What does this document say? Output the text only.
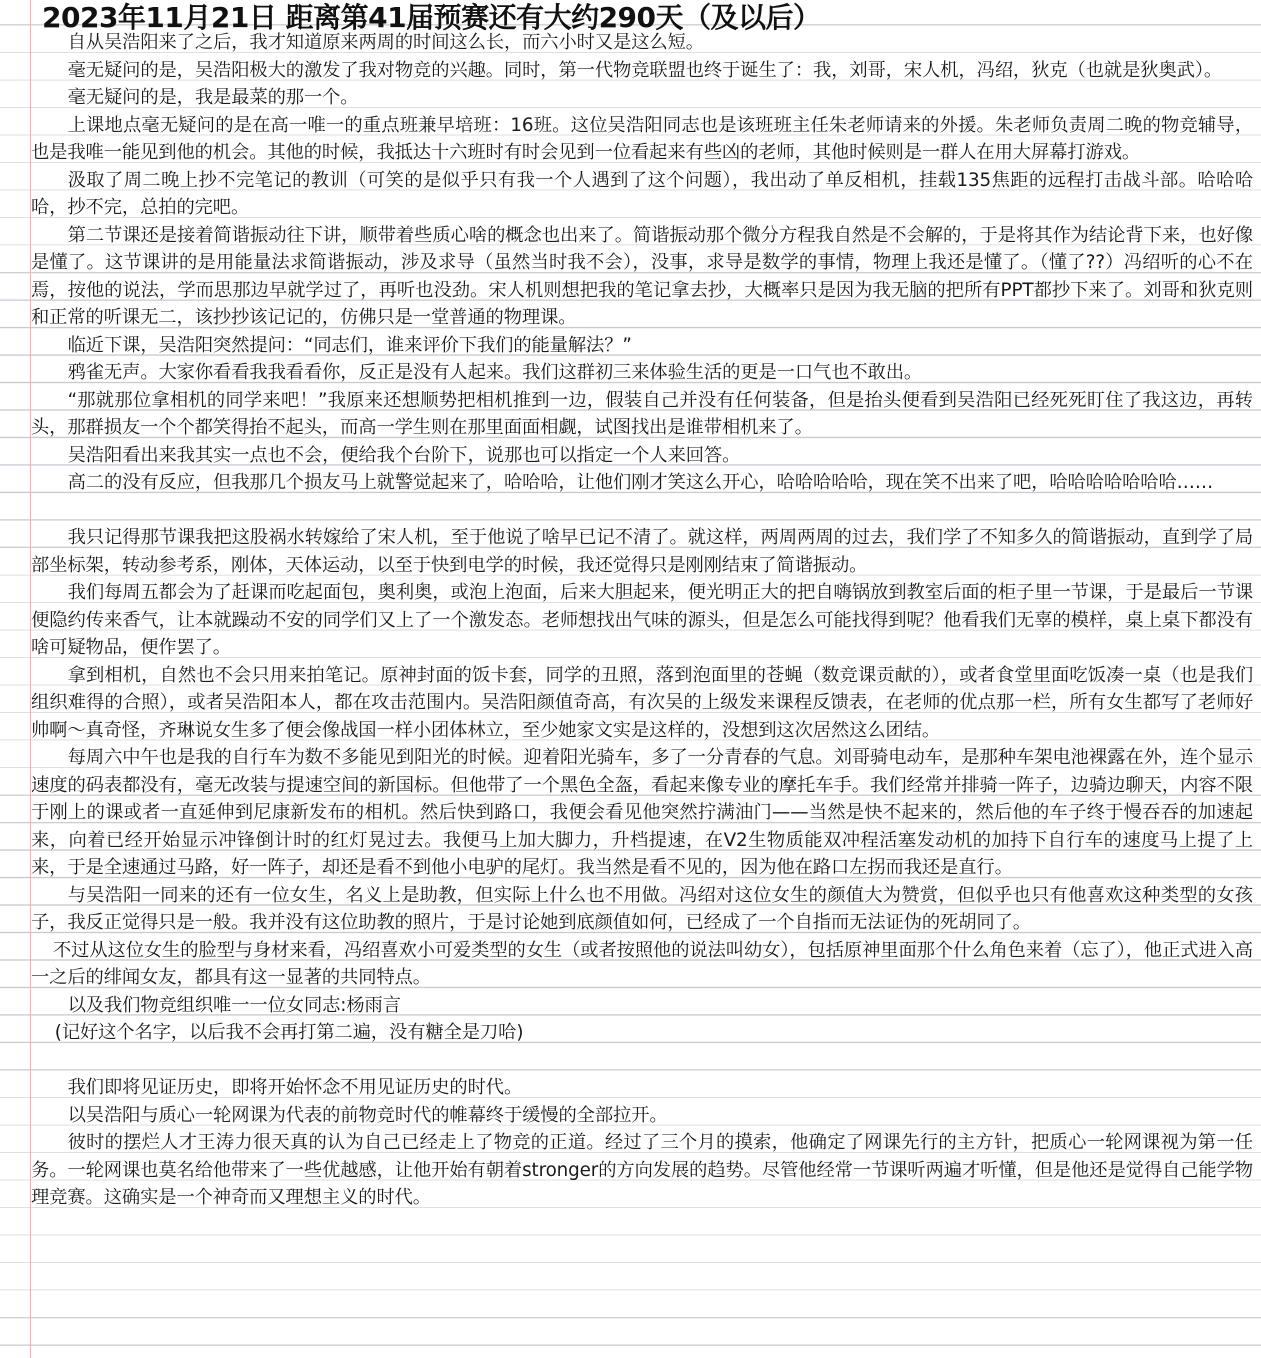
2023年11月21日 距离第41届预赛还有大约290天（及以后）

自从吴浩阳来了之后，我才知道原来两周的时间这么长，而六小时又是这么短。

毫无疑问的是，吴浩阳极大的激发了我对物竞的兴趣。同时，第一代物竞联盟也终于诞生了：我，刘哥，宋人机，冯绍，狄克（也就是狄奥武）。

毫无疑问的是，我是最菜的那一个。

上课地点毫无疑问的是在高一唯一的重点班兼早培班：16班。这位吴浩阳同志也是该班班主任朱老师请来的外援。朱老师负责周二晚的物竞辅导，也是我唯一能见到他的机会。其他的时候，我抵达十六班时有时会见到一位看起来有些凶的老师，其他时候则是一群人在用大屏幕打游戏。

汲取了周二晚上抄不完笔记的教训（可笑的是似乎只有我一个人遇到了这个问题），我出动了单反相机，挂载135焦距的远程打击战斗部。哈哈哈哈，抄不完，总拍的完吧。

第二节课还是接着简谐振动往下讲，顺带着些质心啥的概念也出来了。简谐振动那个微分方程我自然是不会解的，于是将其作为结论背下来，也好像是懂了。这节课讲的是用能量法求简谐振动，涉及求导（虽然当时我不会），没事，求导是数学的事情，物理上我还是懂了。（懂了??）冯绍听的心不在焉，按他的说法，学而思那边早就学过了，再听也没劲。宋人机则想把我的笔记拿去抄，大概率只是因为我无脑的把所有PPT都抄下来了。刘哥和狄克则和正常的听课无二，该抄抄该记记的，仿佛只是一堂普通的物理课。

临近下课，吴浩阳突然提问：“同志们，谁来评价下我们的能量解法？”

鸦雀无声。大家你看看我我看看你，反正是没有人起来。我们这群初三来体验生活的更是一口气也不敢出。

“那就那位拿相机的同学来吧！”我原来还想顺势把相机推到一边，假装自己并没有任何装备，但是抬头便看到吴浩阳已经死死盯住了我这边，再转头，那群损友一个个都笑得抬不起头，而高一学生则在那里面面相觑，试图找出是谁带相机来了。

吴浩阳看出来我其实一点也不会，便给我个台阶下，说那也可以指定一个人来回答。

高二的没有反应，但我那几个损友马上就警觉起来了，哈哈哈，让他们刚才笑这么开心，哈哈哈哈哈，现在笑不出来了吧，哈哈哈哈哈哈哈……

我只记得那节课我把这股祸水转嫁给了宋人机，至于他说了啥早已记不清了。就这样，两周两周的过去，我们学了不知多久的简谐振动，直到学了局部坐标架，转动参考系，刚体，天体运动，以至于快到电学的时候，我还觉得只是刚刚结束了简谐振动。

我们每周五都会为了赶课而吃起面包，奥利奥，或泡上泡面，后来大胆起来，便光明正大的把自嗨锅放到教室后面的柜子里一节课，于是最后一节课便隐约传来香气，让本就躁动不安的同学们又上了一个激发态。老师想找出气味的源头，但是怎么可能找得到呢？他看我们无辜的模样，桌上桌下都没有啥可疑物品，便作罢了。

拿到相机，自然也不会只用来拍笔记。原神封面的饭卡套，同学的丑照，落到泡面里的苍蝇（数竞课贡献的），或者食堂里面吃饭凑一桌（也是我们组织难得的合照），或者吴浩阳本人，都在攻击范围内。吴浩阳颜值奇高，有次吴的上级发来课程反馈表，在老师的优点那一栏，所有女生都写了老师好帅啊～真奇怪，齐琳说女生多了便会像战国一样小团体林立，至少她家文实是这样的，没想到这次居然这么团结。

每周六中午也是我的自行车为数不多能见到阳光的时候。迎着阳光骑车，多了一分青春的气息。刘哥骑电动车，是那种车架电池裸露在外，连个显示速度的码表都没有，毫无改装与提速空间的新国标。但他带了一个黑色全盔，看起来像专业的摩托车手。我们经常并排骑一阵子，边骑边聊天，内容不限于刚上的课或者一直延伸到尼康新发布的相机。然后快到路口，我便会看见他突然拧满油门——当然是快不起来的，然后他的车子终于慢吞吞的加速起来，向着已经开始显示冲锋倒计时的红灯晃过去。我便马上加大脚力，升档提速，在V2生物质能双冲程活塞发动机的加持下自行车的速度马上提了上来，于是全速通过马路，好一阵子，却还是看不到他小电驴的尾灯。我当然是看不见的，因为他在路口左拐而我还是直行。

与吴浩阳一同来的还有一位女生，名义上是助教，但实际上什么也不用做。冯绍对这位女生的颜值大为赞赏，但似乎也只有他喜欢这种类型的女孩子，我反正觉得只是一般。我并没有这位助教的照片，于是讨论她到底颜值如何，已经成了一个自指而无法证伪的死胡同了。

不过从这位女生的脸型与身材来看，冯绍喜欢小可爱类型的女生（或者按照他的说法叫幼女），包括原神里面那个什么角色来着（忘了），他正式进入高一之后的绯闻女友，都具有这一显著的共同特点。

以及我们物竞组织唯一一位女同志:杨雨言

(记好这个名字，以后我不会再打第二遍，没有糖全是刀哈)

我们即将见证历史，即将开始怀念不用见证历史的时代。

以吴浩阳与质心一轮网课为代表的前物竞时代的帷幕终于缓慢的全部拉开。

彼时的摆烂人才王涛力很天真的认为自己已经走上了物竞的正道。经过了三个月的摸索，他确定了网课先行的主方针，把质心一轮网课视为第一任务。一轮网课也莫名给他带来了一些优越感，让他开始有朝着stronger的方向发展的趋势。尽管他经常一节课听两遍才听懂，但是他还是觉得自己能学物理竞赛。这确实是一个神奇而又理想主义的时代。
